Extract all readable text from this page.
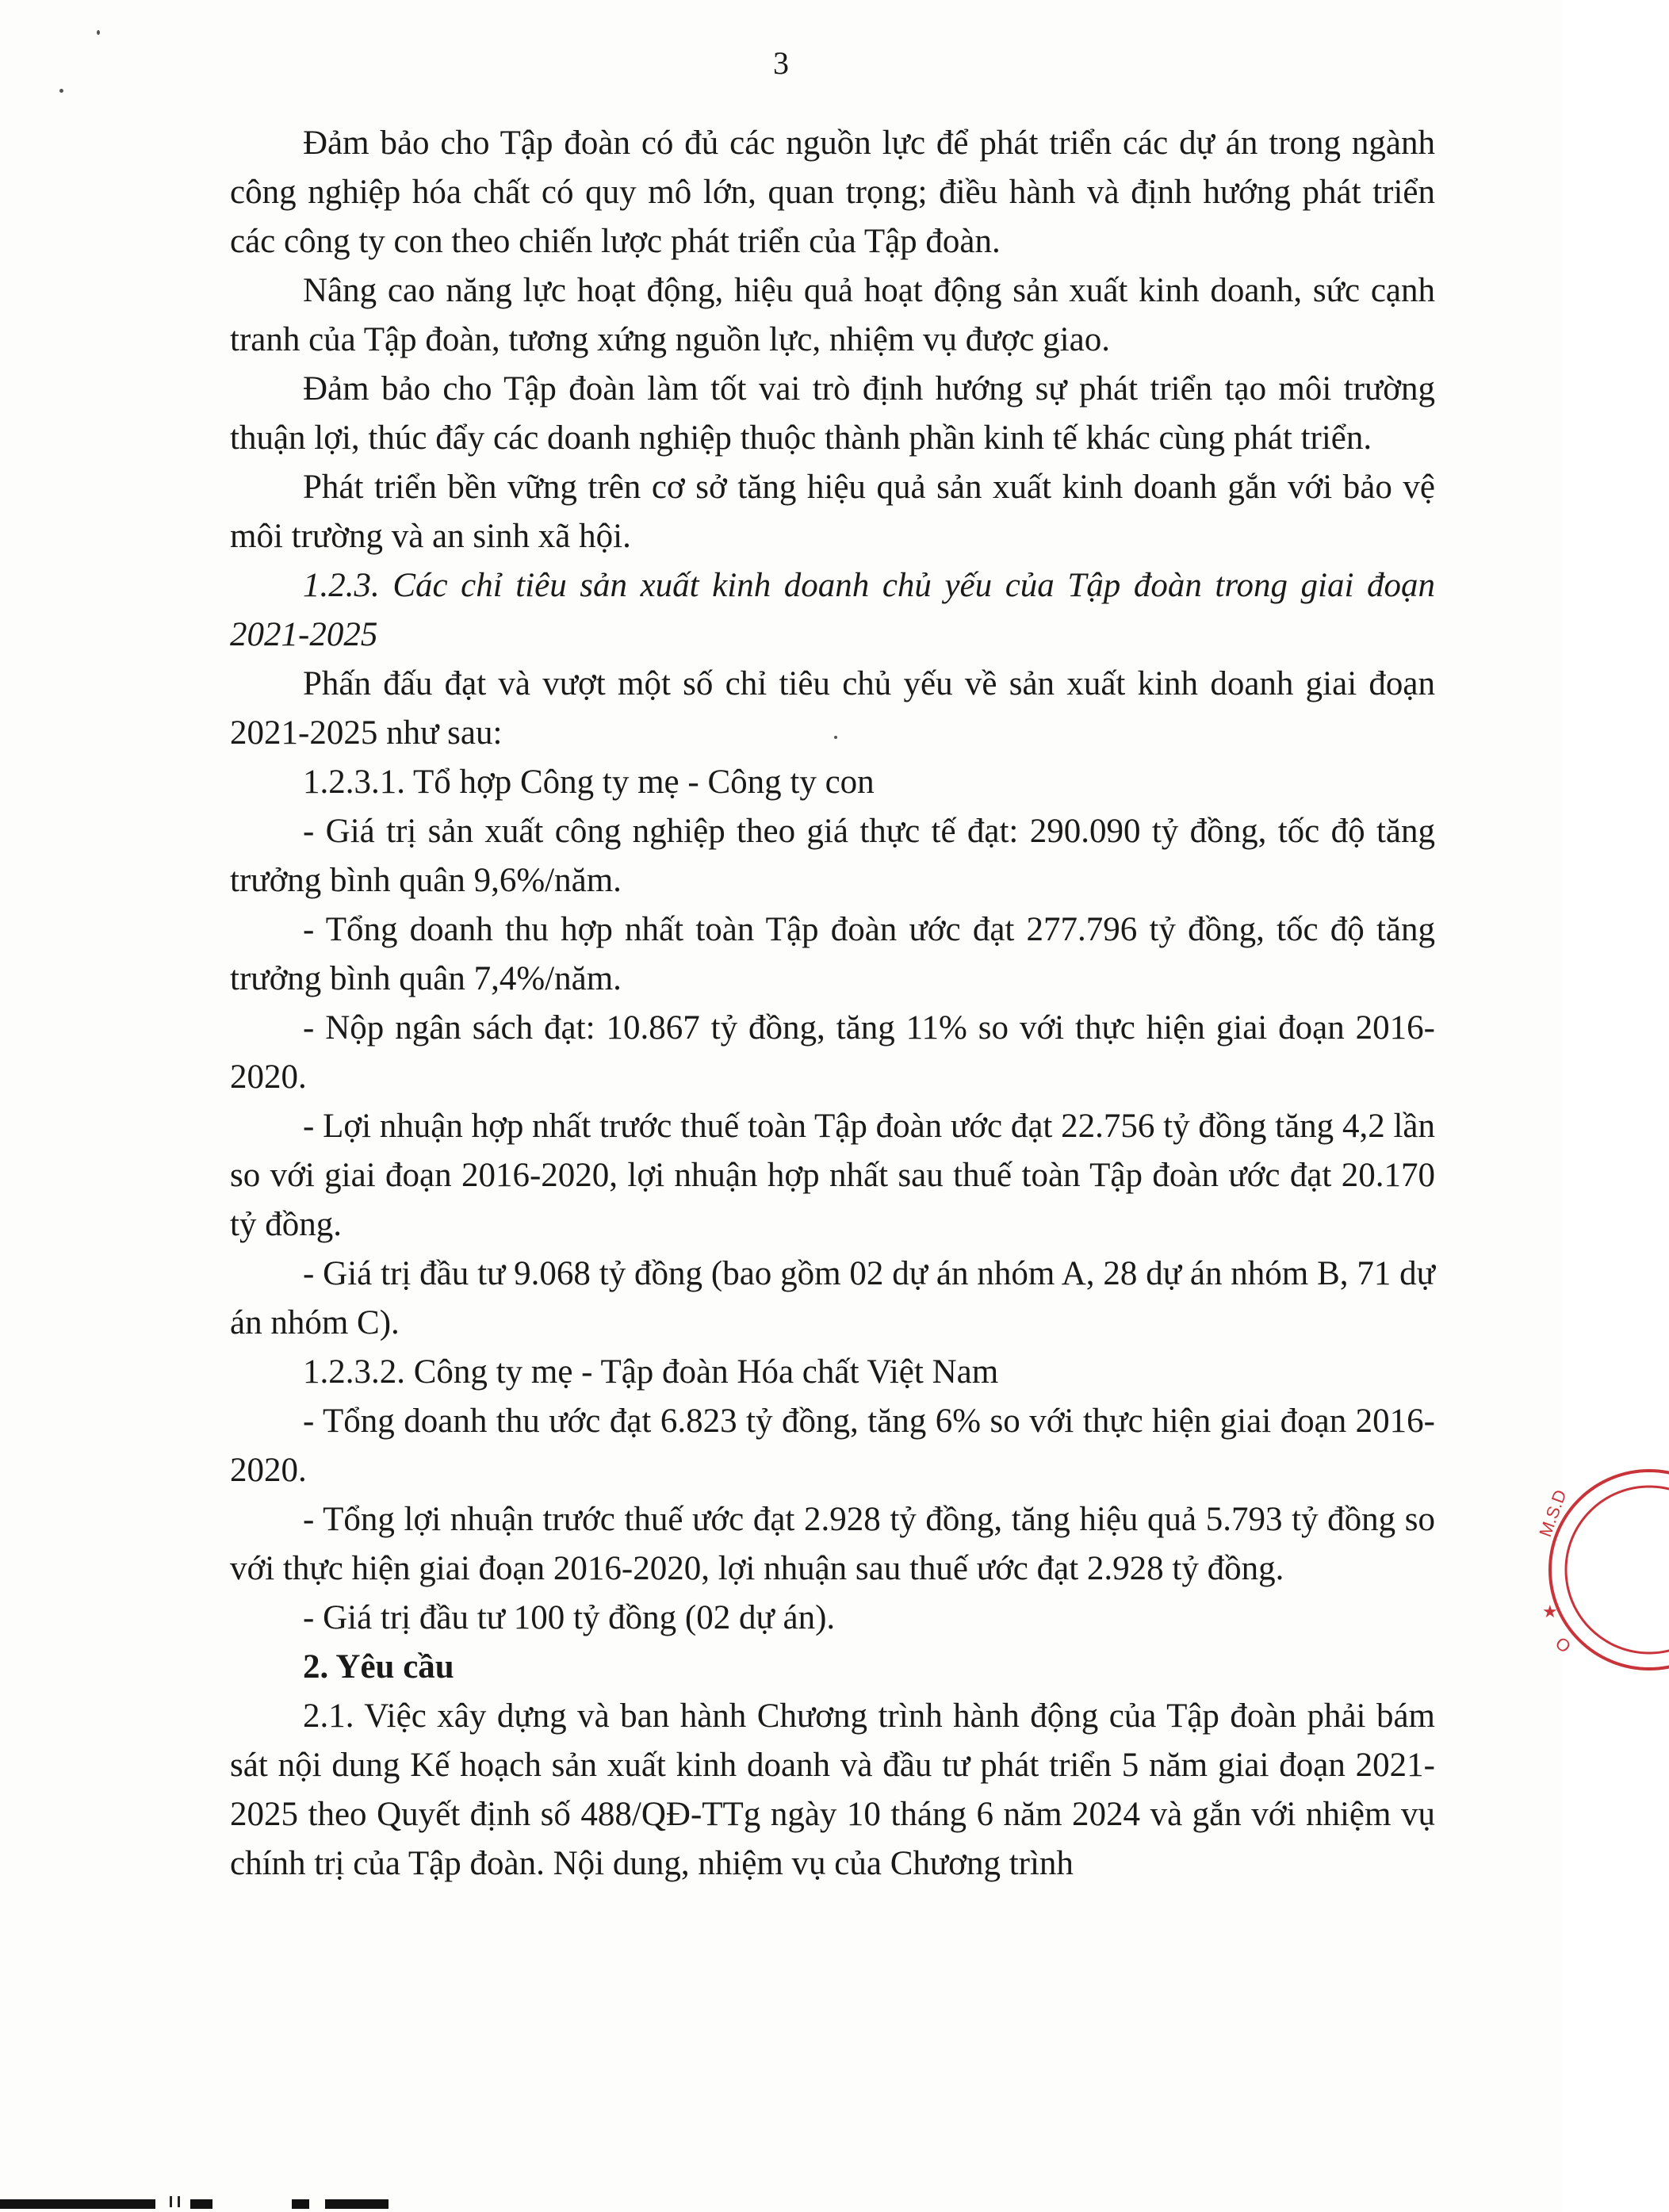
3

Đảm bảo cho Tập đoàn có đủ các nguồn lực để phát triển các dự án trong ngành công nghiệp hóa chất có quy mô lớn, quan trọng; điều hành và định hướng phát triển các công ty con theo chiến lược phát triển của Tập đoàn.

Nâng cao năng lực hoạt động, hiệu quả hoạt động sản xuất kinh doanh, sức cạnh tranh của Tập đoàn, tương xứng nguồn lực, nhiệm vụ được giao.

Đảm bảo cho Tập đoàn làm tốt vai trò định hướng sự phát triển tạo môi trường thuận lợi, thúc đẩy các doanh nghiệp thuộc thành phần kinh tế khác cùng phát triển.

Phát triển bền vững trên cơ sở tăng hiệu quả sản xuất kinh doanh gắn với bảo vệ môi trường và an sinh xã hội.

1.2.3. Các chỉ tiêu sản xuất kinh doanh chủ yếu của Tập đoàn trong giai đoạn 2021-2025

Phấn đấu đạt và vượt một số chỉ tiêu chủ yếu về sản xuất kinh doanh giai đoạn 2021-2025 như sau:

1.2.3.1. Tổ hợp Công ty mẹ - Công ty con

- Giá trị sản xuất công nghiệp theo giá thực tế đạt: 290.090 tỷ đồng, tốc độ tăng trưởng bình quân 9,6%/năm.

- Tổng doanh thu hợp nhất toàn Tập đoàn ước đạt 277.796 tỷ đồng, tốc độ tăng trưởng bình quân 7,4%/năm.

- Nộp ngân sách đạt: 10.867 tỷ đồng, tăng 11% so với thực hiện giai đoạn 2016-2020.

- Lợi nhuận hợp nhất trước thuế toàn Tập đoàn ước đạt 22.756 tỷ đồng tăng 4,2 lần so với giai đoạn 2016-2020, lợi nhuận hợp nhất sau thuế toàn Tập đoàn ước đạt 20.170 tỷ đồng.

- Giá trị đầu tư 9.068 tỷ đồng (bao gồm 02 dự án nhóm A, 28 dự án nhóm B, 71 dự án nhóm C).

1.2.3.2. Công ty mẹ - Tập đoàn Hóa chất Việt Nam

- Tổng doanh thu ước đạt 6.823 tỷ đồng, tăng 6% so với thực hiện giai đoạn 2016-2020.

- Tổng lợi nhuận trước thuế ước đạt 2.928 tỷ đồng, tăng hiệu quả 5.793 tỷ đồng so với thực hiện giai đoạn 2016-2020, lợi nhuận sau thuế ước đạt 2.928 tỷ đồng.

- Giá trị đầu tư 100 tỷ đồng (02 dự án).

2. Yêu cầu

2.1. Việc xây dựng và ban hành Chương trình hành động của Tập đoàn phải bám sát nội dung Kế hoạch sản xuất kinh doanh và đầu tư phát triển 5 năm giai đoạn 2021-2025 theo Quyết định số 488/QĐ-TTg ngày 10 tháng 6 năm 2024 và gắn với nhiệm vụ chính trị của Tập đoàn. Nội dung, nhiệm vụ của Chương trình

M.S.D
★
O
